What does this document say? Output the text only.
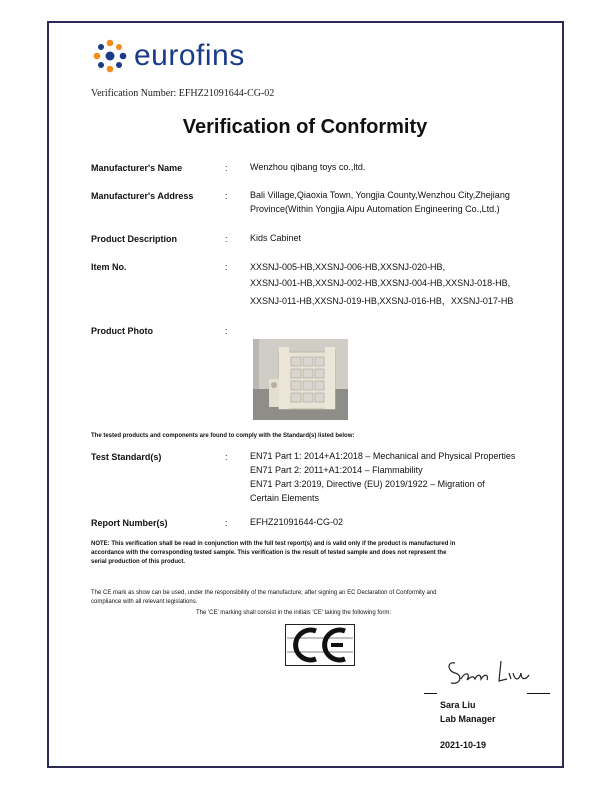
eurofins
Verification Number: EFHZ21091644-CG-02
Verification of Conformity
Manufacturer's Name	: Wenzhou qibang toys co.,ltd.
Manufacturer's Address	: Bali Village,Qiaoxia Town, Yongjia County,Wenzhou City,Zhejiang
Province(Within Yongjia Aipu Automation Engineering Co.,Ltd.)
Product Description	: Kids Cabinet
Item No.	: XXSNJ-005-HB,XXSNJ-006-HB,XXSNJ-020-HB,
XXSNJ-001-HB,XXSNJ-002-HB,XXSNJ-004-HB,XXSNJ-018-HB,
XXSNJ-011-HB,XXSNJ-019-HB,XXSNJ-016-HB，XXSNJ-017-HB
Product Photo	:
The tested products and components are found to comply with the Standard(s) listed below:
Test Standard(s)	: EN71 Part 1: 2014+A1:2018 – Mechanical and Physical Properties
EN71 Part 2: 2011+A1:2014 – Flammability
EN71 Part 3:2019, Directive (EU) 2019/1922 – Migration of
Certain Elements
Report Number(s)	: EFHZ21091644-CG-02
NOTE: This verification shall be read in conjunction with the full test report(s) and is valid only if the product is manufactured in
accordance with the corresponding tested sample. This verification is the result of tested sample and does not represent the
serial production of this product.
The CE mark as show can be used, under the responsibility of the manufacture, after signing an EC Declaration of Conformity and
compliance with all relevant legislations.
The 'CE' marking shall consist in the initials 'CE' taking the following form:
Sara Liu
Lab Manager
2021-10-19
